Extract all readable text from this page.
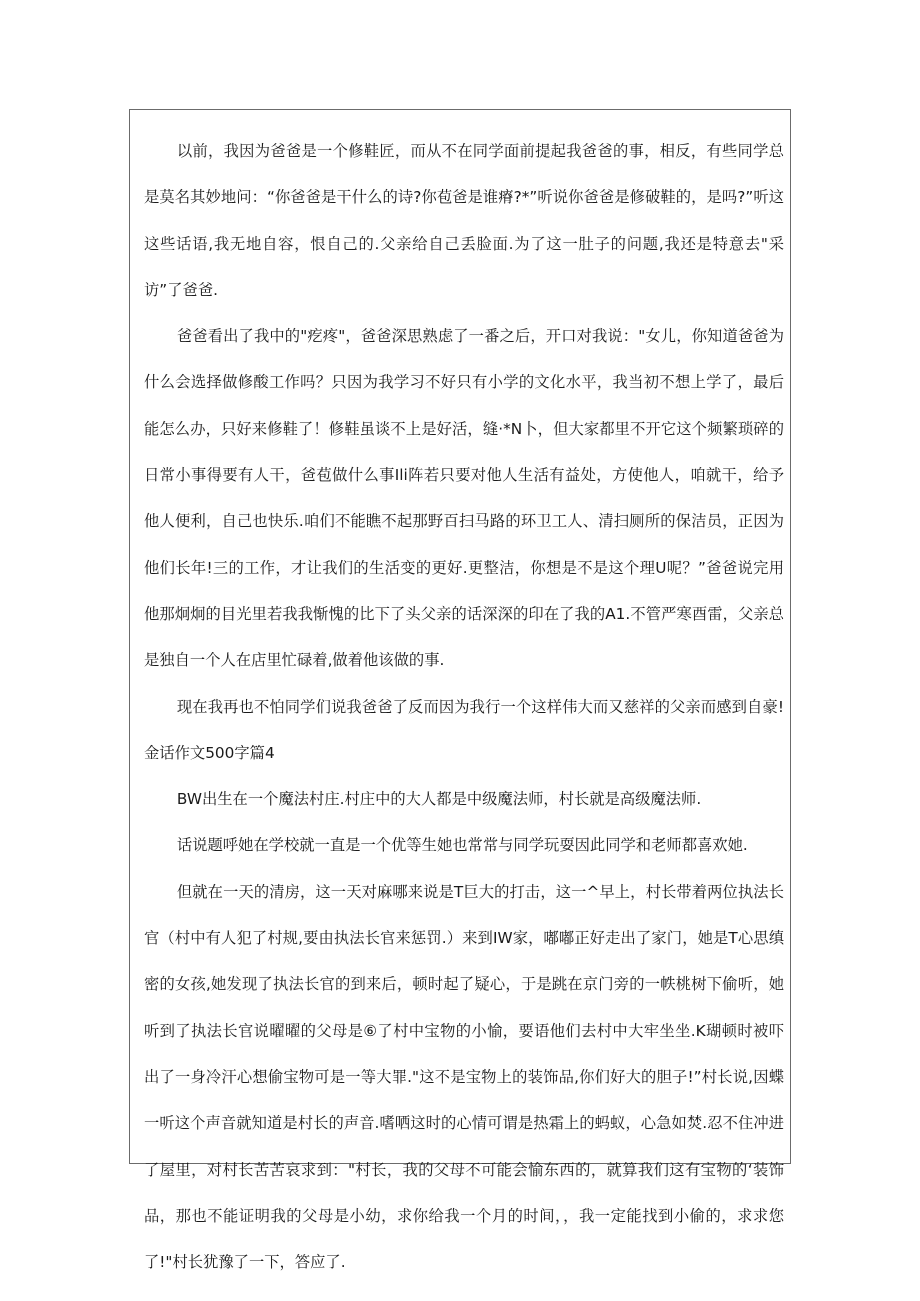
以前，我因为爸爸是一个修鞋匠，而从不在同学面前提起我爸爸的事，相反，有些同学总是莫名其妙地问：“你爸爸是干什么的诗?你苞爸是谁瘠?*”听说你爸爸是修破鞋的，是吗?”听这这些话语,我无地自容，恨自己的.父亲给自己丢脸面.为了这一肚子的问题,我还是特意去"采访”了爸爸.

爸爸看出了我中的"疙疼"，爸爸深思熟虑了一番之后，开口对我说："女儿，你知道爸爸为什么会选择做修酸工作吗？只因为我学习不好只有小学的文化水平，我当初不想上学了，最后能怎么办，只好来修鞋了！修鞋虽谈不上是好活，缝·*N卜，但大家都里不开它这个频繁琐碎的日常小事得要有人干，爸苞做什么事Ili阵若只要对他人生活有益处，方使他人，咱就干，给予他人便利，自己也快乐.咱们不能瞧不起那野百扫马路的环卫工人、清扫厕所的保洁员，正因为他们长年!三的工作，才让我们的生活变的更好.更整洁，你想是不是这个理U呢？”爸爸说完用他那炯炯的目光里若我我惭愧的比下了头父亲的话深深的印在了我的A1.不管严寒酉雷，父亲总是独自一个人在店里忙碌着,做着他该做的事.

现在我再也不怕同学们说我爸爸了反而因为我行一个这样伟大而又慈祥的父亲而感到自豪!金话作文500字篇4

BW出生在一个魔法村庄.村庄中的大人都是中级魔法师，村长就是高级魔法师.

话说题呼她在学校就一直是一个优等生她也常常与同学玩耍因此同学和老师都喜欢她.

但就在一天的清房，这一天对麻哪来说是T巨大的打击，这一^早上，村长带着两位执法长官（村中有人犯了村规,要由执法长官来惩罚.）来到IW家，嘟嘟正好走出了家门，她是T心思缜密的女孩,她发现了执法长官的到来后，顿时起了疑心，于是跳在京门旁的一帙桃树下偷听，她听到了执法长官说曜曜的父母是⑥了村中宝物的小愉，要语他们去村中大牢坐坐.K瑚顿时被吓出了一身冷汗心想偷宝物可是一等大罪."这不是宝物上的装饰品,你们好大的胆子!”村长说,因蝶一听这个声音就知道是村长的声音.嗜哂这时的心情可谓是热霜上的蚂蚁，心急如焚.忍不住冲进了屋里，对村长苦苦哀求到："村长，我的父母不可能会愉东西的，就算我们这有宝物的‘装饰品，那也不能证明我的父母是小幼，求你给我一个月的时间，，我一定能找到小偷的，求求您了!"村长犹豫了一下，答应了.
